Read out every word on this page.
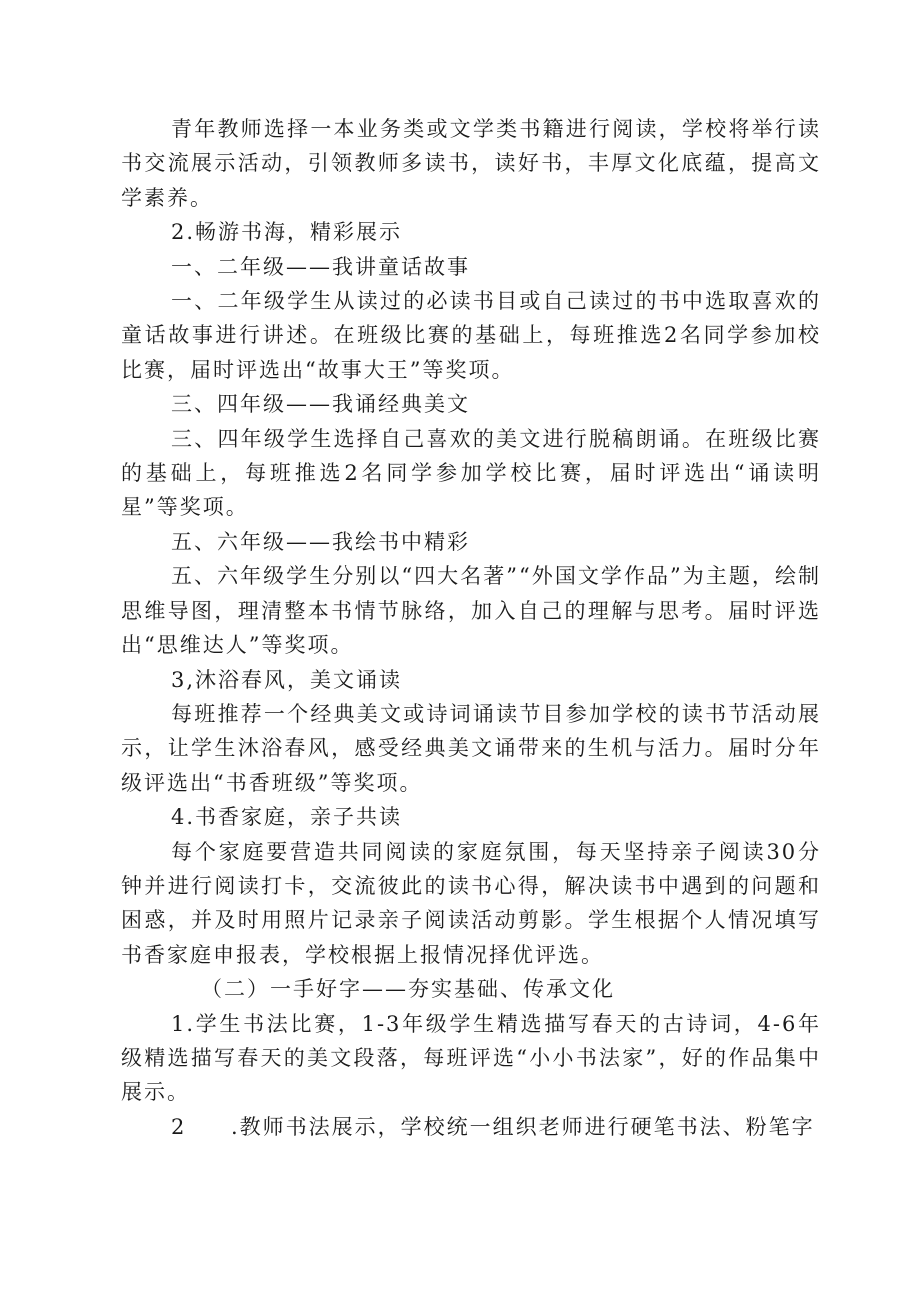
青年教师选择一本业务类或文学类书籍进行阅读，学校将举行读书交流展示活动，引领教师多读书，读好书，丰厚文化底蕴，提高文学素养。

2.畅游书海，精彩展示

一、二年级——我讲童话故事

一、二年级学生从读过的必读书目或自己读过的书中选取喜欢的童话故事进行讲述。在班级比赛的基础上，每班推选2名同学参加校比赛，届时评选出“故事大王”等奖项。

三、四年级——我诵经典美文

三、四年级学生选择自己喜欢的美文进行脱稿朗诵。在班级比赛的基础上，每班推选2名同学参加学校比赛，届时评选出“诵读明星”等奖项。

五、六年级——我绘书中精彩

五、六年级学生分别以“四大名著”“外国文学作品”为主题，绘制思维导图，理清整本书情节脉络，加入自己的理解与思考。届时评选出“思维达人”等奖项。

3,沐浴春风，美文诵读

每班推荐一个经典美文或诗词诵读节目参加学校的读书节活动展示，让学生沐浴春风，感受经典美文诵带来的生机与活力。届时分年级评选出“书香班级”等奖项。

4.书香家庭，亲子共读

每个家庭要营造共同阅读的家庭氛围，每天坚持亲子阅读30分钟并进行阅读打卡，交流彼此的读书心得，解决读书中遇到的问题和困惑，并及时用照片记录亲子阅读活动剪影。学生根据个人情况填写书香家庭申报表，学校根据上报情况择优评选。

（二）一手好字——夯实基础、传承文化

1.学生书法比赛，1-3年级学生精选描写春天的古诗词，4-6年级精选描写春天的美文段落，每班评选“小小书法家”，好的作品集中展示。

2 .教师书法展示，学校统一组织老师进行硬笔书法、粉笔字
